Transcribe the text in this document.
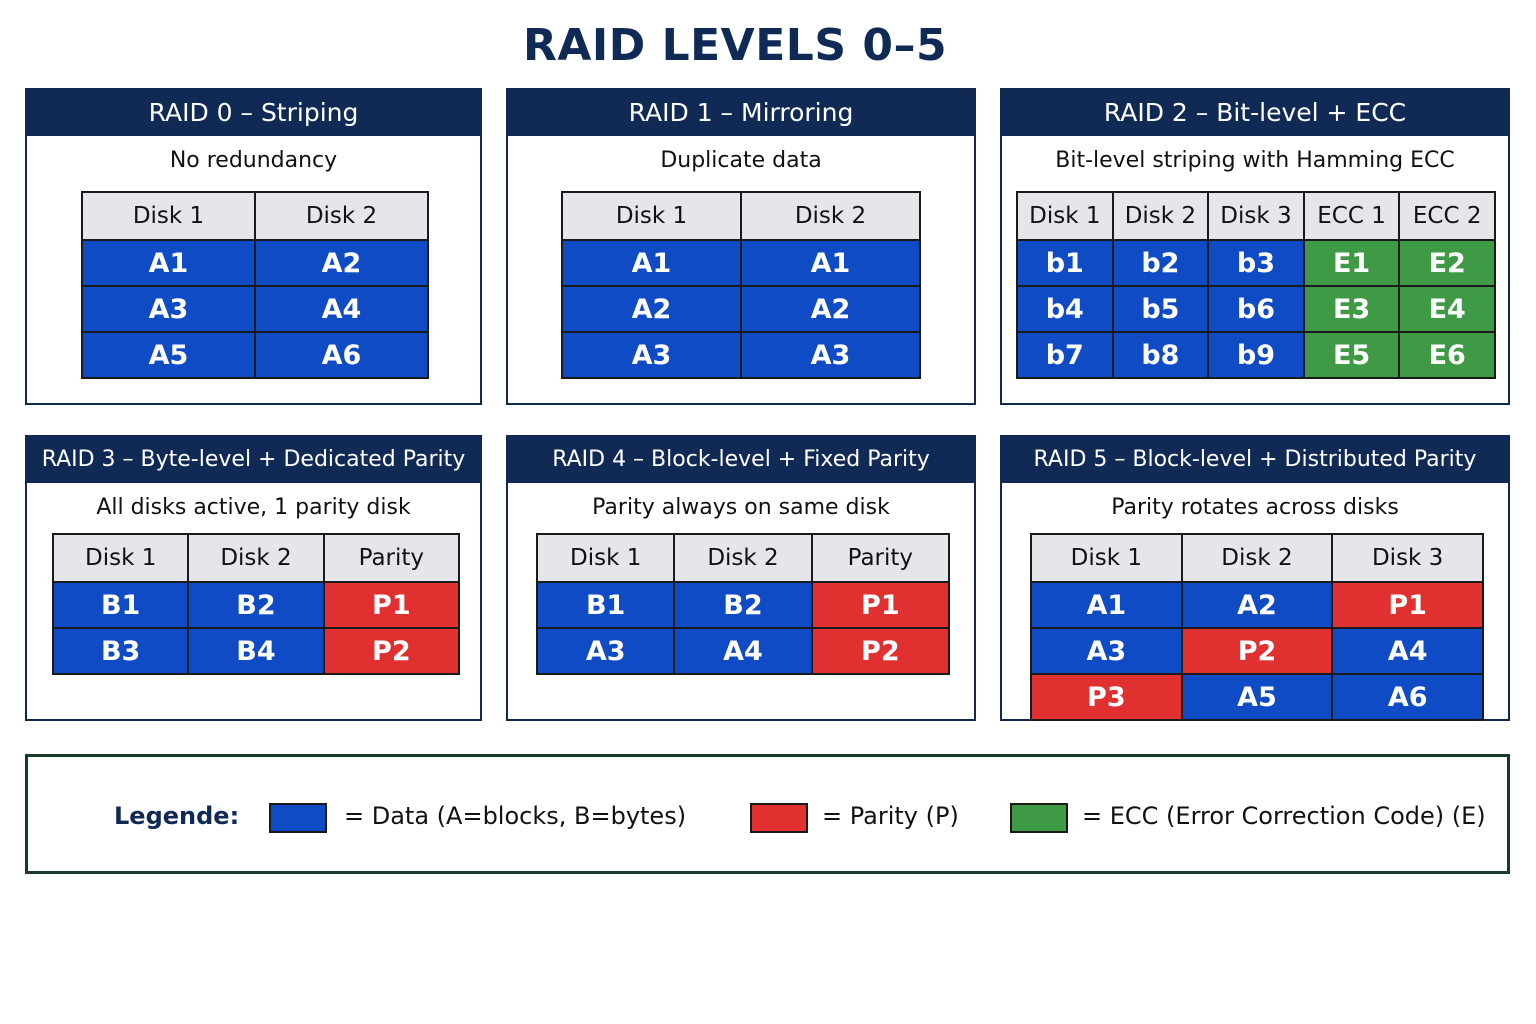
RAID LEVELS 0–5
RAID 0 – Striping
No redundancy
Disk 1	Disk 2
A1	A2
A3	A4
A5	A6
RAID 1 – Mirroring
Duplicate data
Disk 1	Disk 2
A1	A1
A2	A2
A3	A3
RAID 2 – Bit-level + ECC
Bit-level striping with Hamming ECC
Disk 1	Disk 2	Disk 3	ECC 1	ECC 2
b1	b2	b3	E1	E2
b4	b5	b6	E3	E4
b7	b8	b9	E5	E6
RAID 3 – Byte-level + Dedicated Parity
All disks active, 1 parity disk
Disk 1	Disk 2	Parity
B1	B2	P1
B3	B4	P2
RAID 4 – Block-level + Fixed Parity
Parity always on same disk
Disk 1	Disk 2	Parity
B1	B2	P1
A3	A4	P2
RAID 5 – Block-level + Distributed Parity
Parity rotates across disks
Disk 1	Disk 2	Disk 3
A1	A2	P1
A3	P2	A4
P3	A5	A6
Legende:	= Data (A=blocks, B=bytes)	= Parity (P)	= ECC (Error Correction Code) (E)
